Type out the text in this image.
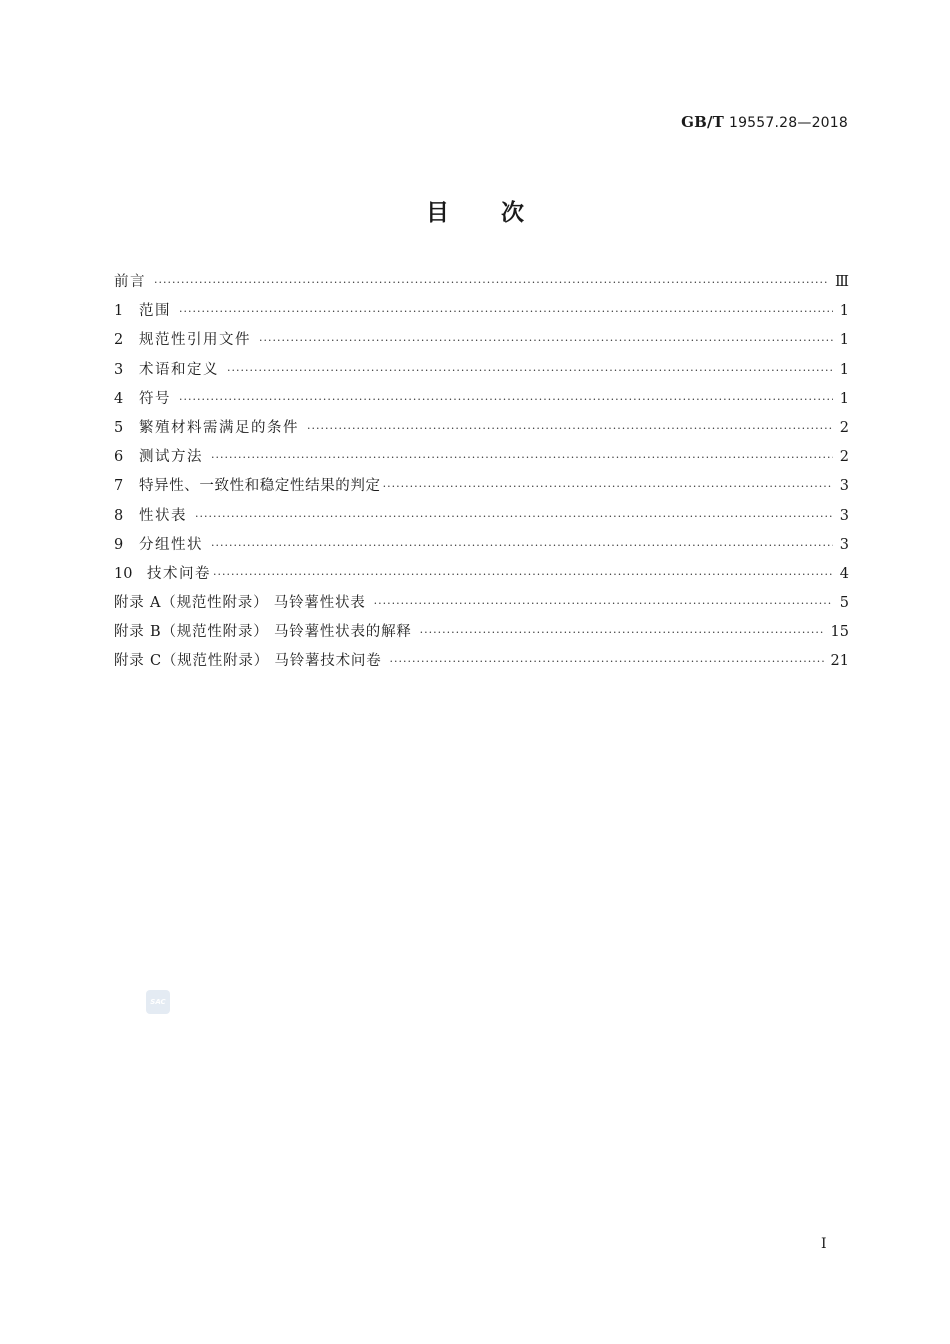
GB/T 19557.28—2018
目 次
前言 ·····	Ⅲ
1	范围 ·····	1
2	规范性引用文件 ·····	1
3	术语和定义 ·····	1
4	符号 ·····	1
5	繁殖材料需满足的条件 ·····	2
6	测试方法 ·····	2
7	特异性、一致性和稳定性结果的判定 ·····	3
8	性状表 ·····	3
9	分组性状 ·····	3
10	技术问卷 ·····	4
附录 A（规范性附录） 马铃薯性状表 ·····	5
附录 B（规范性附录） 马铃薯性状表的解释 ·····	15
附录 C（规范性附录） 马铃薯技术问卷 ·····	21
SAC
I
